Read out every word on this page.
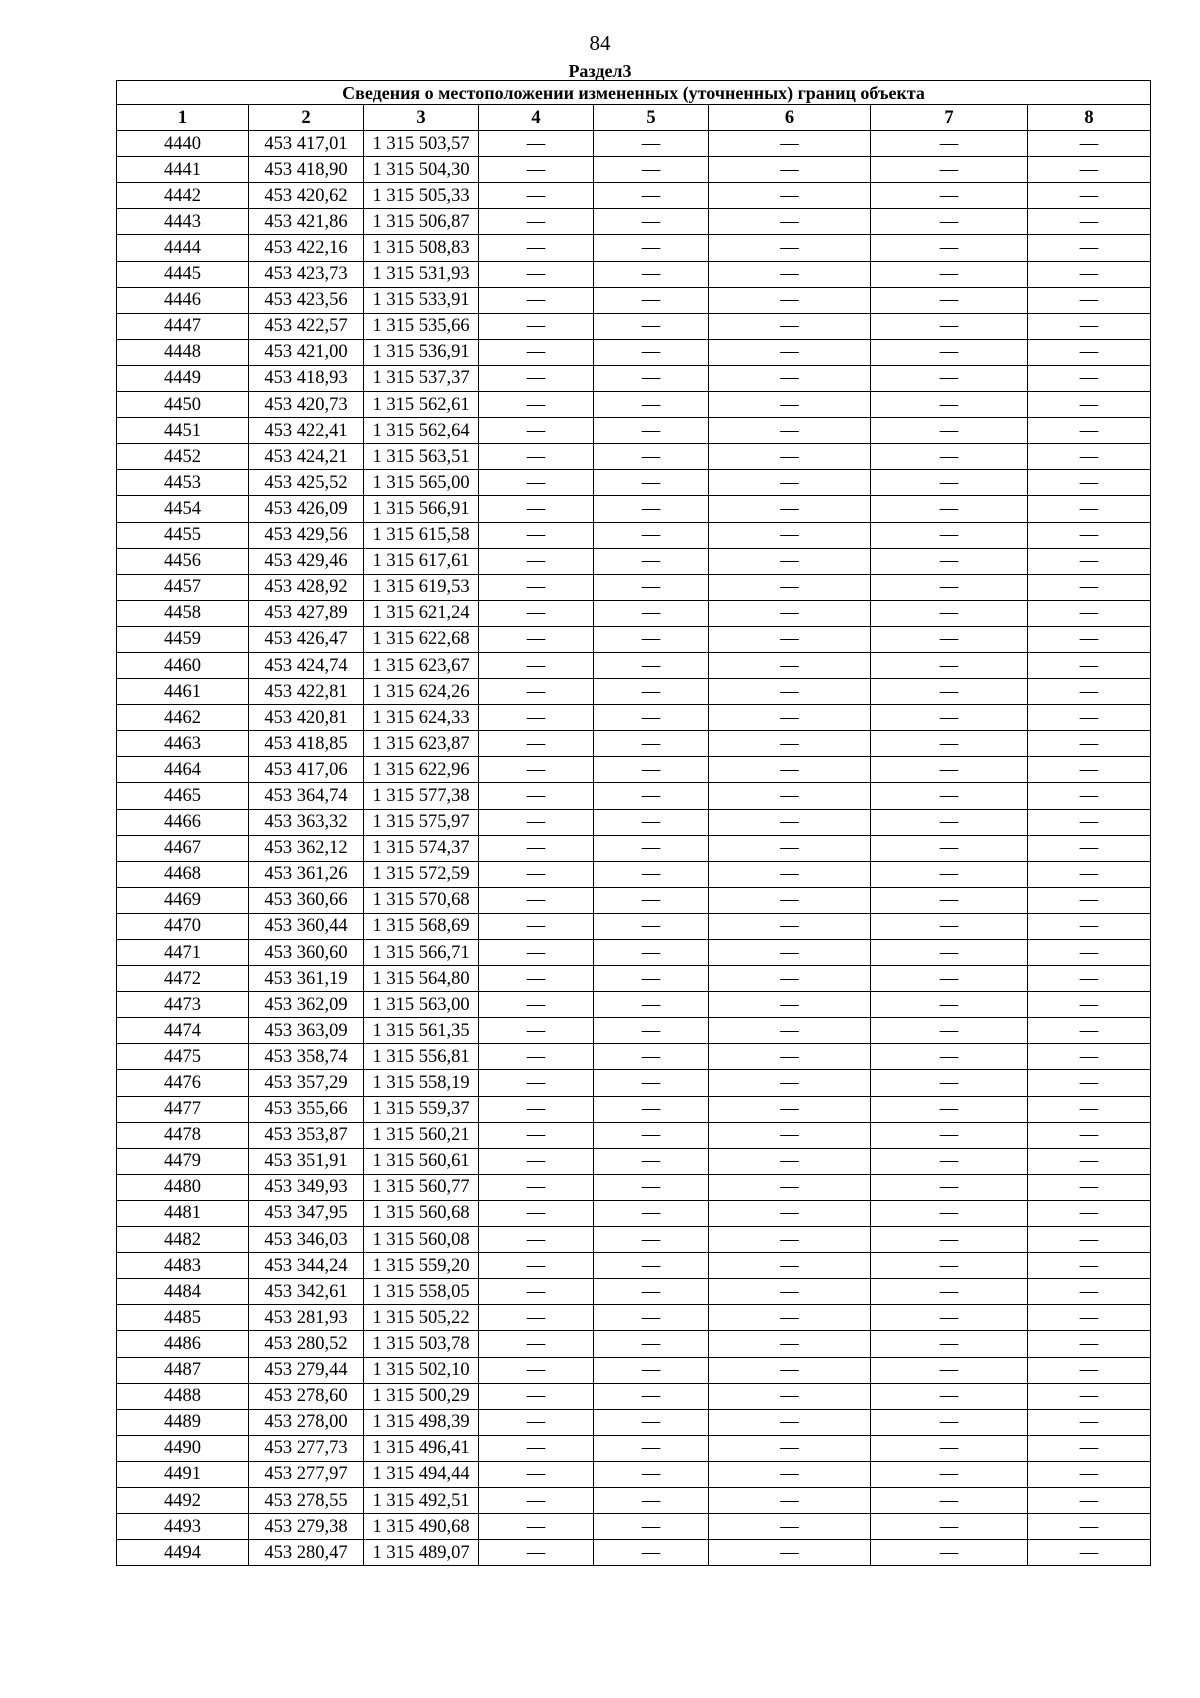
84
Раздел3
Сведения о местоположении измененных (уточненных) границ объекта							
1	2	3	4	5	6	7	8
4440	453 417,01	1 315 503,57	—	—	—	—	—
4441	453 418,90	1 315 504,30	—	—	—	—	—
4442	453 420,62	1 315 505,33	—	—	—	—	—
4443	453 421,86	1 315 506,87	—	—	—	—	—
4444	453 422,16	1 315 508,83	—	—	—	—	—
4445	453 423,73	1 315 531,93	—	—	—	—	—
4446	453 423,56	1 315 533,91	—	—	—	—	—
4447	453 422,57	1 315 535,66	—	—	—	—	—
4448	453 421,00	1 315 536,91	—	—	—	—	—
4449	453 418,93	1 315 537,37	—	—	—	—	—
4450	453 420,73	1 315 562,61	—	—	—	—	—
4451	453 422,41	1 315 562,64	—	—	—	—	—
4452	453 424,21	1 315 563,51	—	—	—	—	—
4453	453 425,52	1 315 565,00	—	—	—	—	—
4454	453 426,09	1 315 566,91	—	—	—	—	—
4455	453 429,56	1 315 615,58	—	—	—	—	—
4456	453 429,46	1 315 617,61	—	—	—	—	—
4457	453 428,92	1 315 619,53	—	—	—	—	—
4458	453 427,89	1 315 621,24	—	—	—	—	—
4459	453 426,47	1 315 622,68	—	—	—	—	—
4460	453 424,74	1 315 623,67	—	—	—	—	—
4461	453 422,81	1 315 624,26	—	—	—	—	—
4462	453 420,81	1 315 624,33	—	—	—	—	—
4463	453 418,85	1 315 623,87	—	—	—	—	—
4464	453 417,06	1 315 622,96	—	—	—	—	—
4465	453 364,74	1 315 577,38	—	—	—	—	—
4466	453 363,32	1 315 575,97	—	—	—	—	—
4467	453 362,12	1 315 574,37	—	—	—	—	—
4468	453 361,26	1 315 572,59	—	—	—	—	—
4469	453 360,66	1 315 570,68	—	—	—	—	—
4470	453 360,44	1 315 568,69	—	—	—	—	—
4471	453 360,60	1 315 566,71	—	—	—	—	—
4472	453 361,19	1 315 564,80	—	—	—	—	—
4473	453 362,09	1 315 563,00	—	—	—	—	—
4474	453 363,09	1 315 561,35	—	—	—	—	—
4475	453 358,74	1 315 556,81	—	—	—	—	—
4476	453 357,29	1 315 558,19	—	—	—	—	—
4477	453 355,66	1 315 559,37	—	—	—	—	—
4478	453 353,87	1 315 560,21	—	—	—	—	—
4479	453 351,91	1 315 560,61	—	—	—	—	—
4480	453 349,93	1 315 560,77	—	—	—	—	—
4481	453 347,95	1 315 560,68	—	—	—	—	—
4482	453 346,03	1 315 560,08	—	—	—	—	—
4483	453 344,24	1 315 559,20	—	—	—	—	—
4484	453 342,61	1 315 558,05	—	—	—	—	—
4485	453 281,93	1 315 505,22	—	—	—	—	—
4486	453 280,52	1 315 503,78	—	—	—	—	—
4487	453 279,44	1 315 502,10	—	—	—	—	—
4488	453 278,60	1 315 500,29	—	—	—	—	—
4489	453 278,00	1 315 498,39	—	—	—	—	—
4490	453 277,73	1 315 496,41	—	—	—	—	—
4491	453 277,97	1 315 494,44	—	—	—	—	—
4492	453 278,55	1 315 492,51	—	—	—	—	—
4493	453 279,38	1 315 490,68	—	—	—	—	—
4494	453 280,47	1 315 489,07	—	—	—	—	—
